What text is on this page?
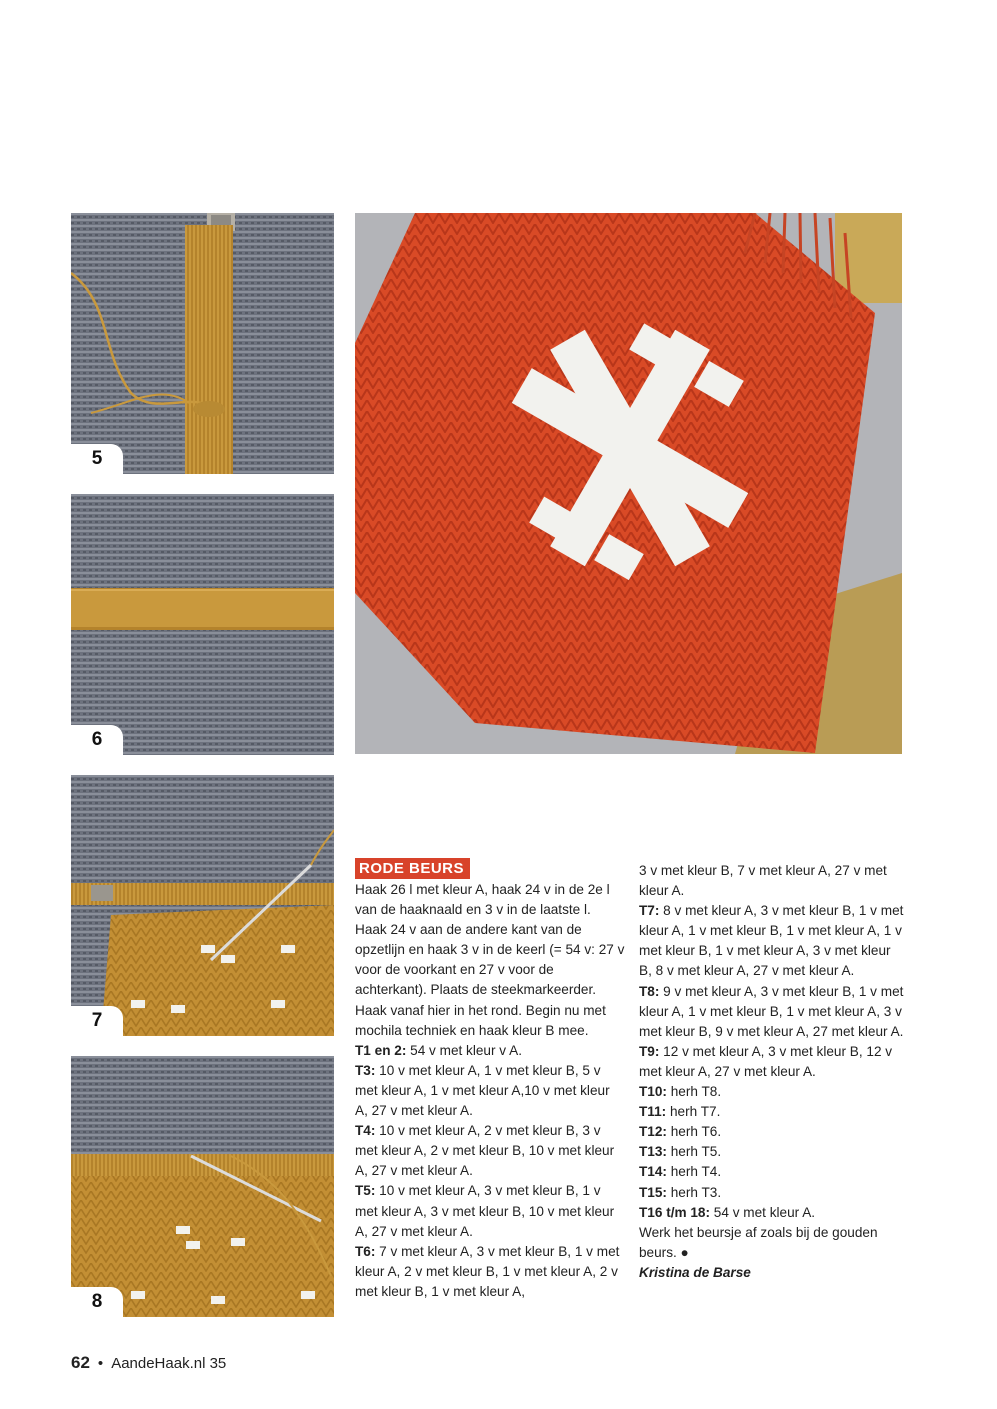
5
6
7
8
RODE BEURS

Haak 26 l met kleur A, haak 24 v in de 2e l van de haaknaald en 3 v in de laatste l. Haak 24 v aan de andere kant van de opzetlijn en haak 3 v in de keerl (= 54 v: 27 v voor de voorkant en 27 v voor de achterkant). Plaats de steekmarkeerder. Haak vanaf hier in het rond. Begin nu met mochila techniek en haak kleur B mee.

T1 en 2: 54 v met kleur v A.

T3: 10 v met kleur A, 1 v met kleur B, 5 v met kleur A, 1 v met kleur A,10 v met kleur A, 27 v met kleur A.

T4: 10 v met kleur A, 2 v met kleur B, 3 v met kleur A, 2 v met kleur B, 10 v met kleur A, 27 v met kleur A.

T5: 10 v met kleur A, 3 v met kleur B, 1 v met kleur A, 3 v met kleur B, 10 v met kleur A, 27 v met kleur A.

T6: 7 v met kleur A, 3 v met kleur B, 1 v met kleur A, 2 v met kleur B, 1 v met kleur A, 2 v met kleur B, 1 v met kleur A,

3 v met kleur B, 7 v met kleur A, 27 v met kleur A.

T7: 8 v met kleur A, 3 v met kleur B, 1 v met kleur A, 1 v met kleur B, 1 v met kleur A, 1 v met kleur B, 1 v met kleur A, 3 v met kleur B, 8 v met kleur A, 27 v met kleur A.

T8: 9 v met kleur A, 3 v met kleur B, 1 v met kleur A, 1 v met kleur B, 1 v met kleur A, 3 v met kleur B, 9 v met kleur A, 27 met kleur A.

T9: 12 v met kleur A, 3 v met kleur B, 12 v met kleur A, 27 v met kleur A.

T10: herh T8.

T11: herh T7.

T12: herh T6.

T13: herh T5.

T14: herh T4.

T15: herh T3.

T16 t/m 18: 54 v met kleur A.

Werk het beursje af zoals bij de gouden beurs. ●

Kristina de Barse

62 • AandeHaak.nl 35
